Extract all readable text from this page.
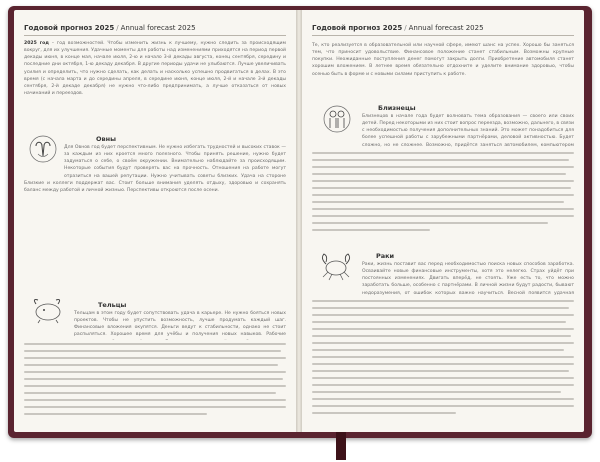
Годовой прогноз 2025 / Annual forecast 2025

2025 год – год возможностей. Чтобы изменить жизнь к лучшему, нужно следить за происходящим вокруг, для их улучшения. Удачные моменты для работы над изменениями приходятся на период первой декады июня, в конце мая, начале июля, 2-ю и начало 3-й декады августа, конец сентября, середину и последние дни октября, 1-ю декаду декабря. В другие периоды удачи не улыбаются. Лучше увеличивать усилия и определить, что нужно сделать, как делать и насколько успешно продвигаться в делах. В это время (с начала марта и до середины апреля, в середине июня, конце июля, 2-й и начале 3-й декады сентября, 2-й декаде декабря) не нужно что-либо предпринимать, а лучше отказаться от новых начинаний и переездов.

Овны

Для Овнов год будет перспективным. Не нужно избегать трудностей и высоких ставок — за каждым из них кроется много полезного. Чтобы принять решение, нужно будет задуматься о себе, о своём окружении. Внимательно наблюдайте за происходящим. Некоторые события будут проверять вас на прочность. Отношения на работе могут отразиться на вашей репутации. Нужно учитывать советы близких. Удача на стороне

Близкие и коллеги поддержат вас. Стоит больше внимания уделять отдыху, здоровью и сохранять баланс между работой и личной жизнью. Перспективы откроются после осени.

Тельцы

Тельцам в этом году будет сопутствовать удача в карьере. Не нужно бояться новых проектов. Чтобы не упустить возможность, лучше продумать каждый шаг. Финансовые вложения окупятся. Деньги ведут к стабильности, однако не стоит распыляться. Хорошее время для учёбы и получения новых навыков. Рабочие

Годовой прогноз 2025 / Annual forecast 2025

Те, кто реализуется в образовательной или научной сфере, имеют шанс на успех. Хорошо бы заняться тем, что приносит удовольствие. Финансовое положение станет стабильным. Возможны крупные покупки. Неожиданные поступления денег помогут закрыть долги. Приобретение автомобиля станет хорошим вложением. В летнее время обязательно отдохните и уделите внимание здоровью, чтобы осенью быть в форме и с новыми силами приступить к работе.

Близнецы

Близнецов в начале года будет волновать тема образования — своего или своих детей. Перед некоторыми из них стоит вопрос переезда, возможно, дальнего, в связи с необходимостью получения дополнительных знаний. Это может понадобиться для более успешной работы с зарубежными партнёрами, деловой активностью. Будет сложно, но не сложнее. Возможно, придётся заняться автомобилем, компьютером

Раки

Раки, жизнь поставит вас перед необходимостью поиска новых способов заработка. Осваивайте новые финансовые инструменты, хотя это нелегко. Страх уйдёт при постоянных изменениях. Двигать вперёд, не стоять. Уже есть то, что можно заработать больше, особенно с партнёрами. В личной жизни будут радости, бывают недоразумения, от ошибок которых важно научиться. Весной появится удачная
